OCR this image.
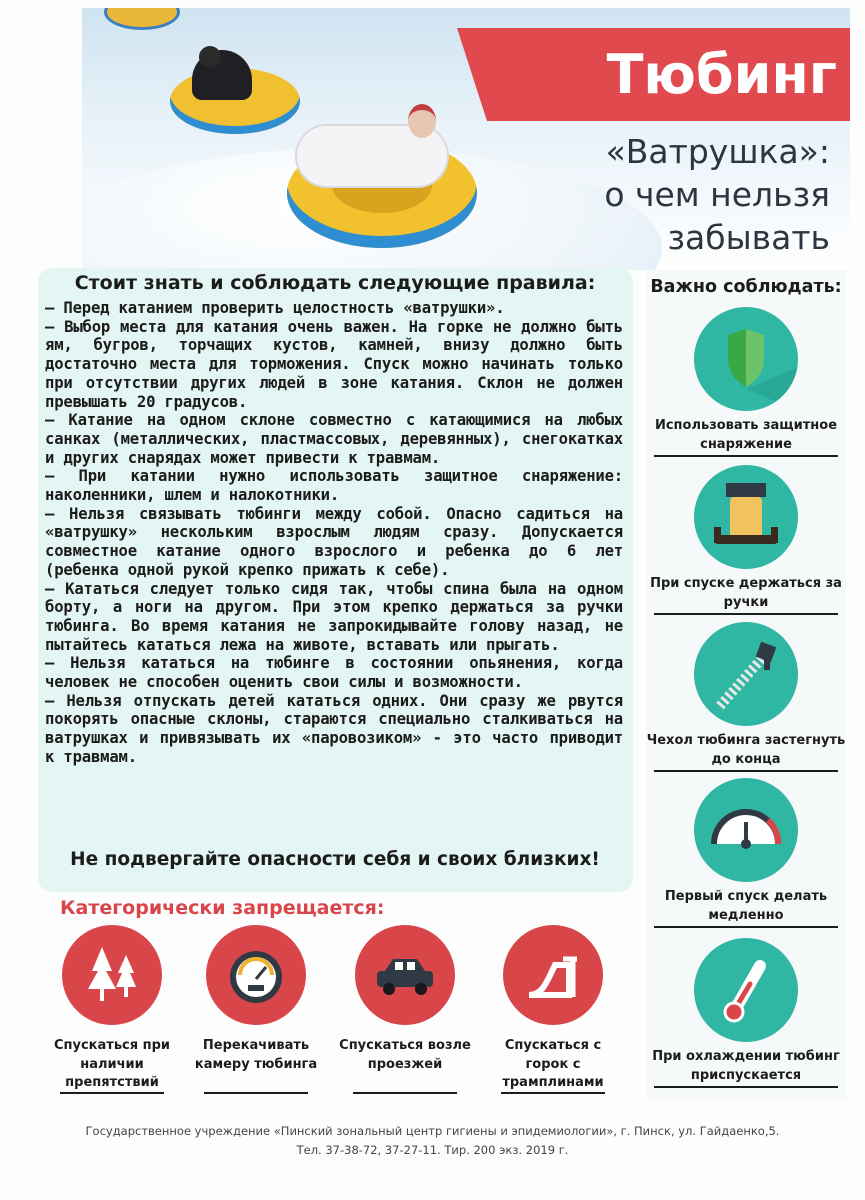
Тюбинг
«Ватрушка»:
о чем нельзя
забывать
Стоит знать и соблюдать следующие правила:

— Перед катанием проверить целостность «ватрушки».

— Выбор места для катания очень важен. На горке не должно быть ям, бугров, торчащих кустов, камней, внизу должно быть достаточно места для торможения. Спуск можно начинать только при отсутствии других людей в зоне катания. Склон не должен превышать 20 градусов.

— Катание на одном склоне совместно с катающимися на любых санках (металлических, пластмассовых, деревянных), снегокатках и других снарядах может привести к травмам.

— При катании нужно использовать защитное снаряжение: наколенники, шлем и налокотники.

— Нельзя связывать тюбинги между собой. Опасно садиться на «ватрушку» нескольким взрослым людям сразу. Допускается совместное катание одного взрослого и ребенка до 6 лет (ребенка одной рукой крепко прижать к себе).

— Кататься следует только сидя так, чтобы спина была на одном борту, а ноги на другом. При этом крепко держаться за ручки тюбинга. Во время катания не запрокидывайте голову назад, не пытайтесь кататься лежа на животе, вставать или прыгать.

— Нельзя кататься на тюбинге в состоянии опьянения, когда человек не способен оценить свои силы и возможности.

— Нельзя отпускать детей кататься одних. Они сразу же рвутся покорять опасные склоны, стараются специально сталкиваться на ватрушках и привязывать их «паровозиком» - это часто приводит к травмам.

Не подвергайте опасности себя и своих близких!
Важно соблюдать:
Использовать защитное снаряжение
При спуске держаться за ручки
Чехол тюбинга застегнуть до конца
Первый спуск делать медленно
При охлаждении тюбинг приспускается
Категорически запрещается:
Спускаться при наличии препятствий
Перекачивать камеру тюбинга
Спускаться возле проезжей
Спускаться с горок с трамплинами
Государственное учреждение «Пинский зональный центр гигиены и эпидемиологии», г. Пинск, ул. Гайдаенко,5.
Тел. 37-38-72, 37-27-11. Тир. 200 экз. 2019 г.
